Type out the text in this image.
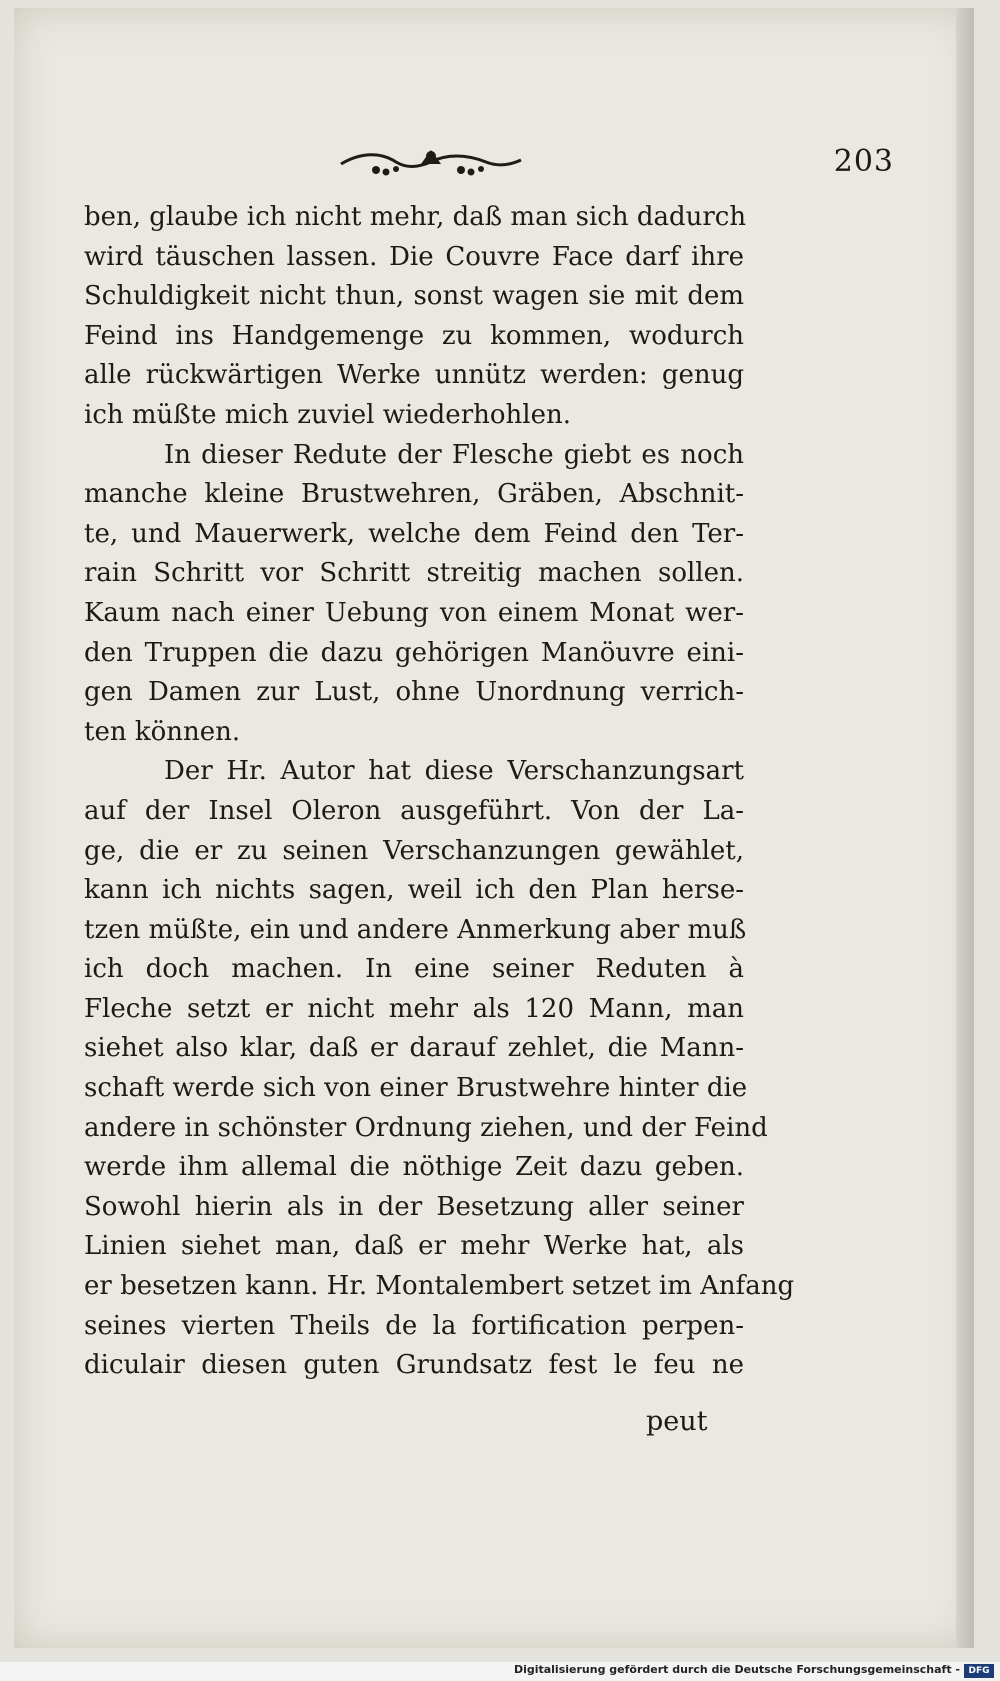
203
ben, glaube ich nicht mehr, daß man sich dadurch
wird täuschen lassen. Die Couvre Face darf ihre
Schuldigkeit nicht thun, sonst wagen sie mit dem
Feind ins Handgemenge zu kommen, wodurch
alle rückwärtigen Werke unnütz werden: genug
ich müßte mich zuviel wiederhohlen.
In dieser Redute der Flesche giebt es noch
manche kleine Brustwehren, Gräben, Abschnit-
te, und Mauerwerk, welche dem Feind den Ter-
rain Schritt vor Schritt streitig machen sollen.
Kaum nach einer Uebung von einem Monat wer-
den Truppen die dazu gehörigen Manöuvre eini-
gen Damen zur Lust, ohne Unordnung verrich-
ten können.
Der Hr. Autor hat diese Verschanzungsart
auf der Insel Oleron ausgeführt. Von der La-
ge, die er zu seinen Verschanzungen gewählet,
kann ich nichts sagen, weil ich den Plan herse-
tzen müßte, ein und andere Anmerkung aber muß
ich doch machen. In eine seiner Reduten à
Fleche setzt er nicht mehr als 120 Mann, man
siehet also klar, daß er darauf zehlet, die Mann-
schaft werde sich von einer Brustwehre hinter die
andere in schönster Ordnung ziehen, und der Feind
werde ihm allemal die nöthige Zeit dazu geben.
Sowohl hierin als in der Besetzung aller seiner
Linien siehet man, daß er mehr Werke hat, als
er besetzen kann. Hr. Montalembert setzet im Anfang
seines vierten Theils de la fortification perpen-
diculair diesen guten Grundsatz fest le feu ne
peut
Digitalisierung gefördert durch die Deutsche Forschungsgemeinschaft - DFG
